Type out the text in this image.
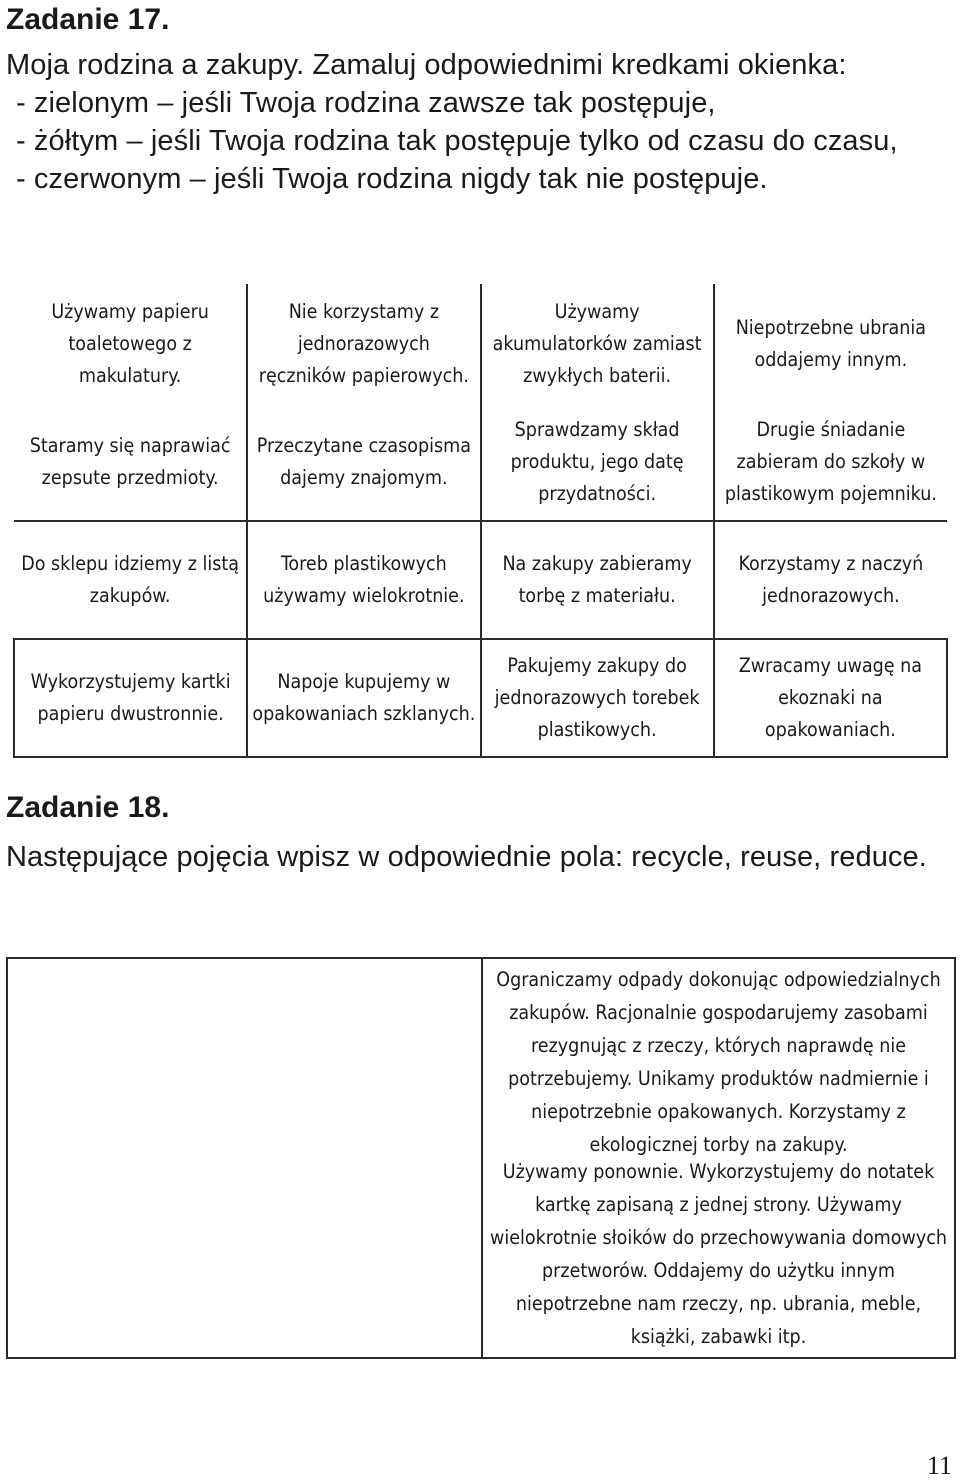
Zadanie 17.
Moja rodzina a zakupy. Zamaluj odpowiednimi kredkami okienka:
- zielonym – jeśli Twoja rodzina zawsze tak postępuje,
- żółtym – jeśli Twoja rodzina tak postępuje tylko od czasu do czasu,
- czerwonym – jeśli Twoja rodzina nigdy tak nie postępuje.
Używamy papieru toaletowego z makulatury.	Nie korzystamy z jednorazowych ręczników papierowych.	Używamy akumulatorków zamiast zwykłych baterii.	Niepotrzebne ubrania oddajemy innym.
Staramy się naprawiać zepsute przedmioty.	Przeczytane czasopisma dajemy znajomym.	Sprawdzamy skład produktu, jego datę przydatności.	Drugie śniadanie zabieram do szkoły w plastikowym pojemniku.
Do sklepu idziemy z listą zakupów.	Toreb plastikowych używamy wielokrotnie.	Na zakupy zabieramy torbę z materiału.	Korzystamy z naczyń jednorazowych.
Wykorzystujemy kartki papieru dwustronnie.	Napoje kupujemy w opakowaniach szklanych.	Pakujemy zakupy do jednorazowych torebek plastikowych.	Zwracamy uwagę na ekoznaki na opakowaniach.
Zadanie 18.
Następujące pojęcia wpisz w odpowiednie pola: recycle, reuse, reduce.

Ograniczamy odpady dokonując odpowiedzialnych zakupów. Racjonalnie gospodarujemy zasobami rezygnując z rzeczy, których naprawdę nie potrzebujemy. Unikamy produktów nadmiernie i niepotrzebnie opakowanych. Korzystamy z ekologicznej torby na zakupy.

Używamy ponownie. Wykorzystujemy do notatek kartkę zapisaną z jednej strony. Używamy wielokrotnie słoików do przechowywania domowych przetworów. Oddajemy do użytku innym niepotrzebne nam rzeczy, np. ubrania, meble, książki, zabawki itp.

11
